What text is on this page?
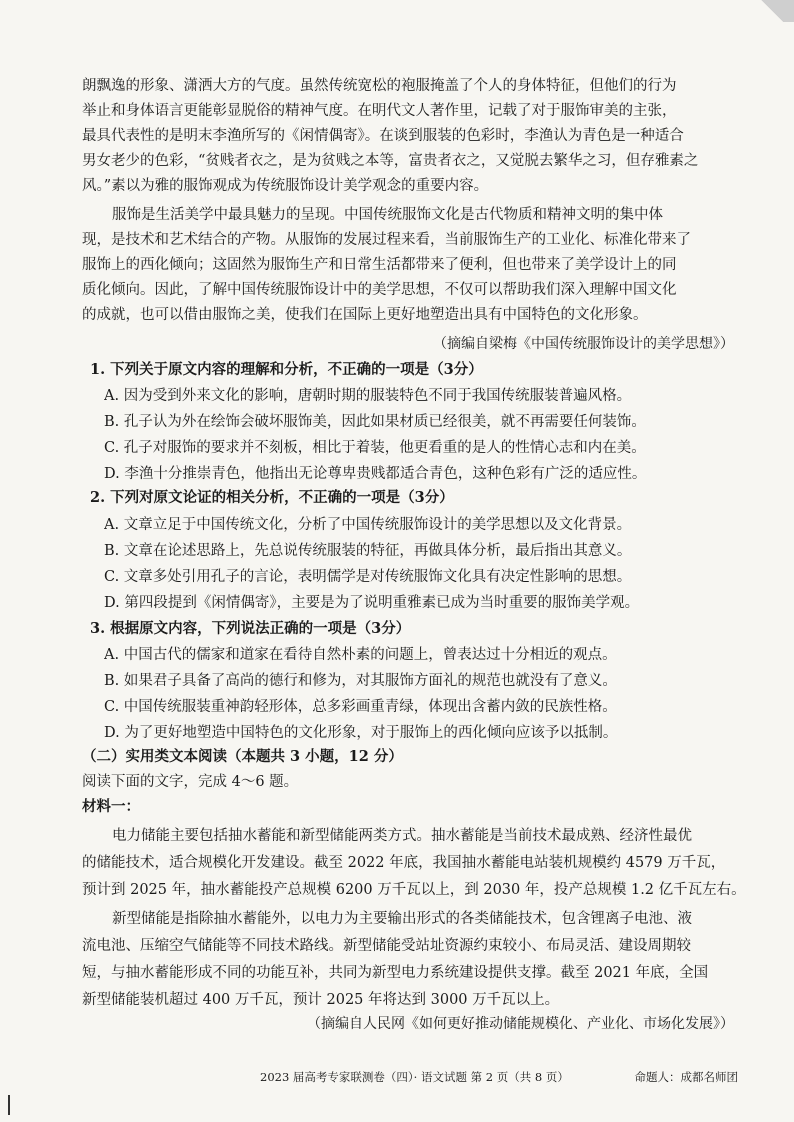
朗飘逸的形象、潇洒大方的气度。虽然传统宽松的袍服掩盖了个人的身体特征，但他们的行为
举止和身体语言更能彰显脱俗的精神气度。在明代文人著作里，记载了对于服饰审美的主张，
最具代表性的是明末李渔所写的《闲情偶寄》。在谈到服装的色彩时，李渔认为青色是一种适合
男女老少的色彩，“贫贱者衣之，是为贫贱之本等，富贵者衣之，又觉脱去繁华之习，但存雅素之
风。”素以为雅的服饰观成为传统服饰设计美学观念的重要内容。
服饰是生活美学中最具魅力的呈现。中国传统服饰文化是古代物质和精神文明的集中体
现，是技术和艺术结合的产物。从服饰的发展过程来看，当前服饰生产的工业化、标准化带来了
服饰上的西化倾向；这固然为服饰生产和日常生活都带来了便利，但也带来了美学设计上的同
质化倾向。因此，了解中国传统服饰设计中的美学思想，不仅可以帮助我们深入理解中国文化
的成就，也可以借由服饰之美，使我们在国际上更好地塑造出具有中国特色的文化形象。
（摘编自梁梅《中国传统服饰设计的美学思想》）
1. 下列关于原文内容的理解和分析，不正确的一项是（3分）
A. 因为受到外来文化的影响，唐朝时期的服装特色不同于我国传统服装普遍风格。
B. 孔子认为外在绘饰会破坏服饰美，因此如果材质已经很美，就不再需要任何装饰。
C. 孔子对服饰的要求并不刻板，相比于着装，他更看重的是人的性情心志和内在美。
D. 李渔十分推崇青色，他指出无论尊卑贵贱都适合青色，这种色彩有广泛的适应性。
2. 下列对原文论证的相关分析，不正确的一项是（3分）
A. 文章立足于中国传统文化，分析了中国传统服饰设计的美学思想以及文化背景。
B. 文章在论述思路上，先总说传统服装的特征，再做具体分析，最后指出其意义。
C. 文章多处引用孔子的言论，表明儒学是对传统服饰文化具有决定性影响的思想。
D. 第四段提到《闲情偶寄》，主要是为了说明重雅素已成为当时重要的服饰美学观。
3. 根据原文内容，下列说法正确的一项是（3分）
A. 中国古代的儒家和道家在看待自然朴素的问题上，曾表达过十分相近的观点。
B. 如果君子具备了高尚的德行和修为，对其服饰方面礼的规范也就没有了意义。
C. 中国传统服装重神韵轻形体，总多彩画重青绿，体现出含蓄内敛的民族性格。
D. 为了更好地塑造中国特色的文化形象，对于服饰上的西化倾向应该予以抵制。
（二）实用类文本阅读（本题共 3 小题，12 分）
阅读下面的文字，完成 4～6 题。
材料一：
电力储能主要包括抽水蓄能和新型储能两类方式。抽水蓄能是当前技术最成熟、经济性最优
的储能技术，适合规模化开发建设。截至 2022 年底，我国抽水蓄能电站装机规模约 4579 万千瓦，
预计到 2025 年，抽水蓄能投产总规模 6200 万千瓦以上，到 2030 年，投产总规模 1.2 亿千瓦左右。
新型储能是指除抽水蓄能外，以电力为主要输出形式的各类储能技术，包含锂离子电池、液
流电池、压缩空气储能等不同技术路线。新型储能受站址资源约束较小、布局灵活、建设周期较
短，与抽水蓄能形成不同的功能互补，共同为新型电力系统建设提供支撑。截至 2021 年底，全国
新型储能装机超过 400 万千瓦，预计 2025 年将达到 3000 万千瓦以上。
（摘编自人民网《如何更好推动储能规模化、产业化、市场化发展》）
2023 届高考专家联测卷（四）· 语文试题 第 2 页（共 8 页）	命题人：成都名师团
